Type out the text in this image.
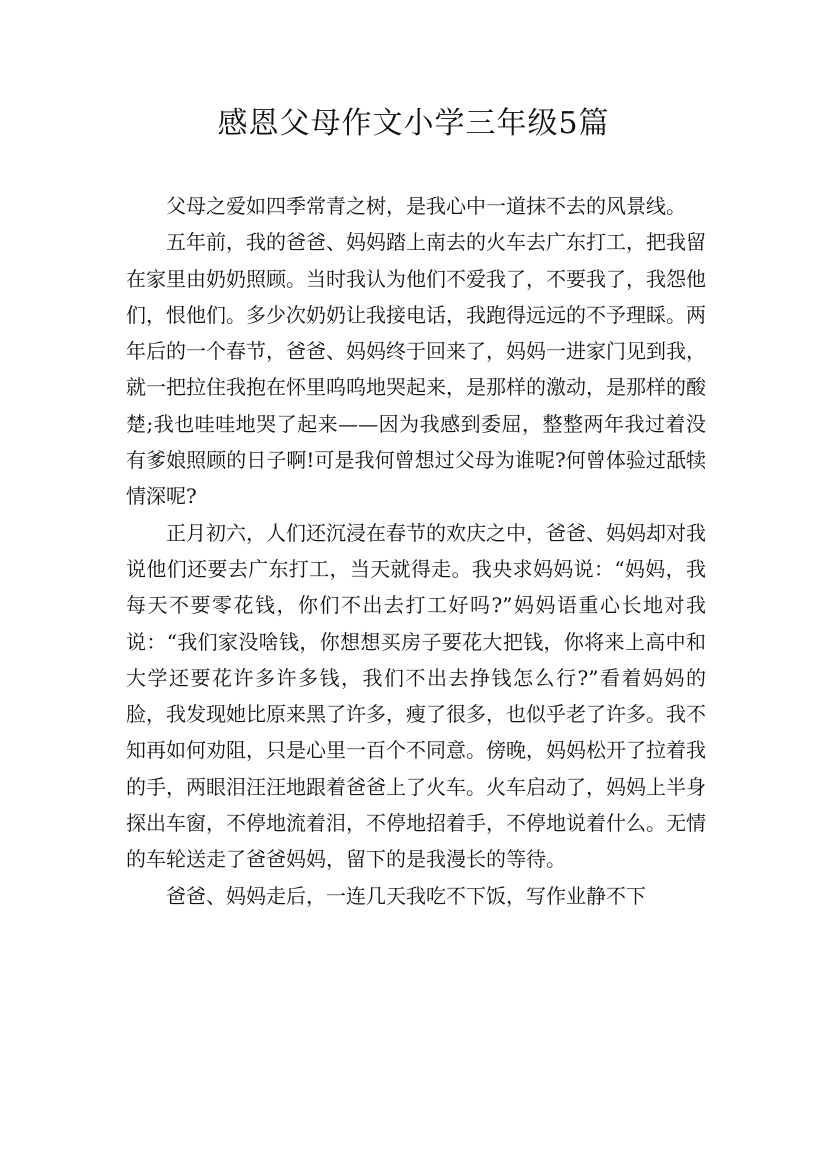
感恩父母作文小学三年级5篇

父母之爱如四季常青之树，是我心中一道抹不去的风景线。

五年前，我的爸爸、妈妈踏上南去的火车去广东打工，把我留在家里由奶奶照顾。当时我认为他们不爱我了，不要我了，我怨他们，恨他们。多少次奶奶让我接电话，我跑得远远的不予理睬。两年后的一个春节，爸爸、妈妈终于回来了，妈妈一进家门见到我，就一把拉住我抱在怀里呜呜地哭起来，是那样的激动，是那样的酸楚;我也哇哇地哭了起来——因为我感到委屈，整整两年我过着没有爹娘照顾的日子啊!可是我何曾想过父母为谁呢?何曾体验过舐犊情深呢?

正月初六，人们还沉浸在春节的欢庆之中，爸爸、妈妈却对我说他们还要去广东打工，当天就得走。我央求妈妈说：“妈妈，我每天不要零花钱，你们不出去打工好吗?”妈妈语重心长地对我说：“我们家没啥钱，你想想买房子要花大把钱，你将来上高中和大学还要花许多许多钱，我们不出去挣钱怎么行?”看着妈妈的脸，我发现她比原来黑了许多，瘦了很多，也似乎老了许多。我不知再如何劝阻，只是心里一百个不同意。傍晚，妈妈松开了拉着我的手，两眼泪汪汪地跟着爸爸上了火车。火车启动了，妈妈上半身探出车窗，不停地流着泪，不停地招着手，不停地说着什么。无情的车轮送走了爸爸妈妈，留下的是我漫长的等待。

爸爸、妈妈走后，一连几天我吃不下饭，写作业静不下
